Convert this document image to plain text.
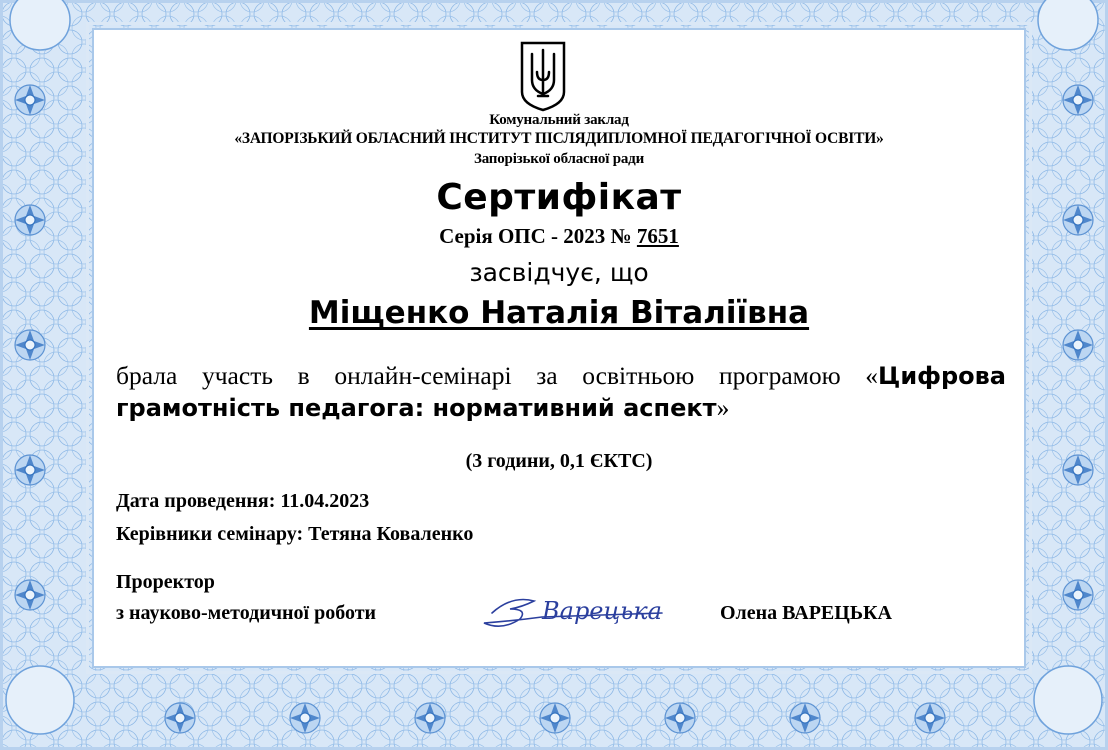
Комунальний заклад
«ЗАПОРІЗЬКИЙ ОБЛАСНИЙ ІНСТИТУТ ПІСЛЯДИПЛОМНОЇ ПЕДАГОГІЧНОЇ ОСВІТИ»
Запорізької обласної ради
Сертифікат
Серія ОПС - 2023 № 7651
засвідчує, що
Міщенко Наталія Віталіївна
брала участь в онлайн-семінарі за освітньою програмою «Цифрова грамотність педагога: нормативний аспект»
(3 години, 0,1 ЄКТС)
Дата проведення: 11.04.2023
Керівники семінару: Тетяна Коваленко
Проректор
з науково-методичної роботи	Варецька	Олена ВАРЕЦЬКА
